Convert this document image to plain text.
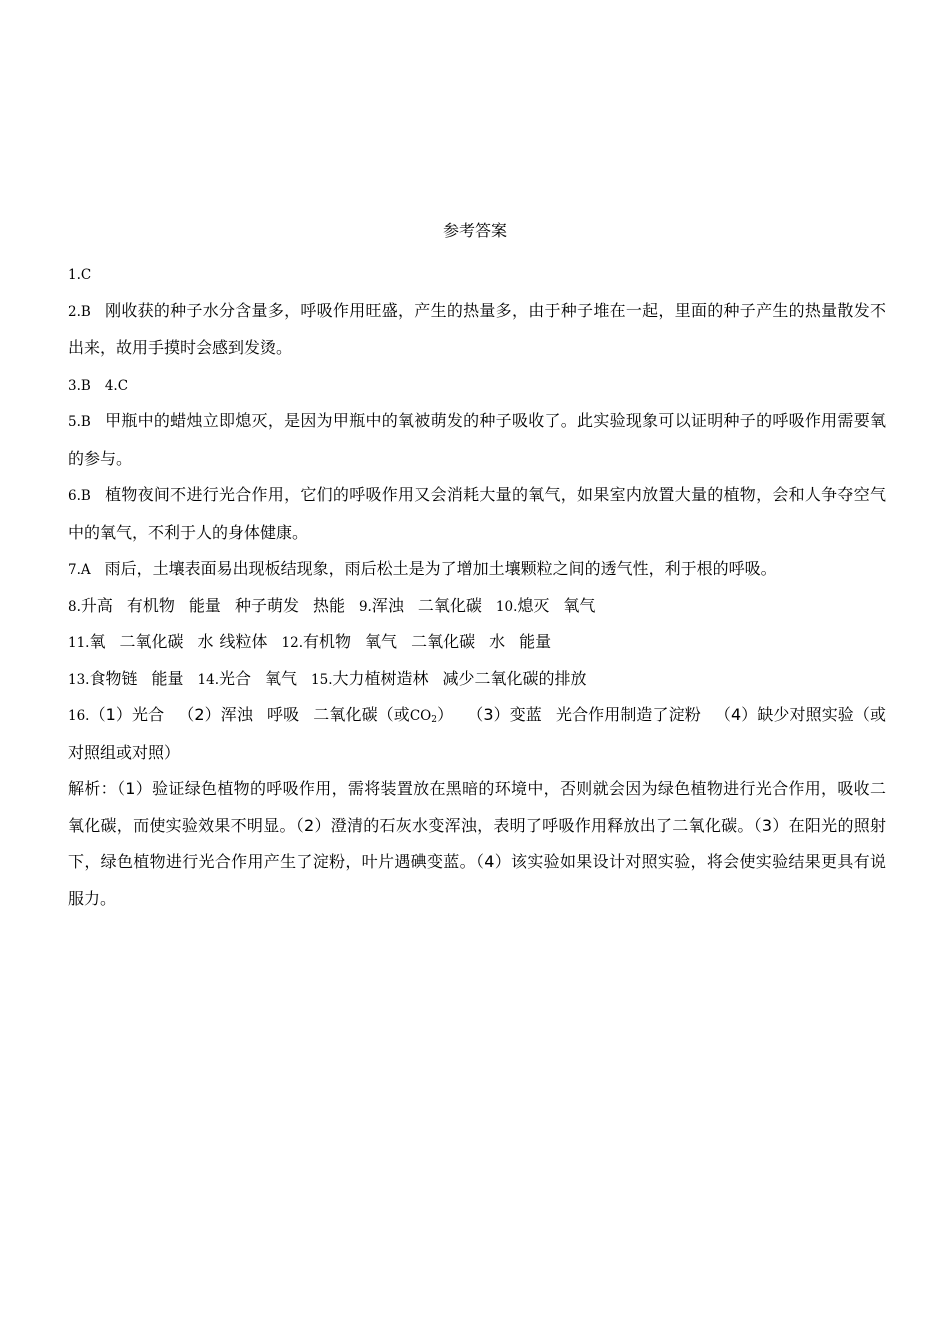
参考答案
1.C
2.B 刚收获的种子水分含量多，呼吸作用旺盛，产生的热量多，由于种子堆在一起，里面的种子产生的热量散发不出来，故用手摸时会感到发烫。
3.B 4.C
5.B 甲瓶中的蜡烛立即熄灭，是因为甲瓶中的氧被萌发的种子吸收了。此实验现象可以证明种子的呼吸作用需要氧的参与。
6.B 植物夜间不进行光合作用，它们的呼吸作用又会消耗大量的氧气，如果室内放置大量的植物，会和人争夺空气中的氧气，不利于人的身体健康。
7.A 雨后，土壤表面易出现板结现象，雨后松土是为了增加土壤颗粒之间的透气性，利于根的呼吸。
8.升高 有机物 能量 种子萌发 热能 9.浑浊 二氧化碳 10.熄灭 氧气
11.氧 二氧化碳 水 线粒体 12.有机物 氧气 二氧化碳 水 能量
13.食物链 能量 14.光合 氧气 15.大力植树造林 减少二氧化碳的排放
16.（1）光合 （2）浑浊 呼吸 二氧化碳（或$CO_2$） （3）变蓝 光合作用制造了淀粉 （4）缺少对照实验（或对照组或对照）
解析：（1）验证绿色植物的呼吸作用，需将装置放在黑暗的环境中，否则就会因为绿色植物进行光合作用，吸收二氧化碳，而使实验效果不明显。（2）澄清的石灰水变浑浊，表明了呼吸作用释放出了二氧化碳。（3）在阳光的照射下，绿色植物进行光合作用产生了淀粉，叶片遇碘变蓝。（4）该实验如果设计对照实验，将会使实验结果更具有说服力。
